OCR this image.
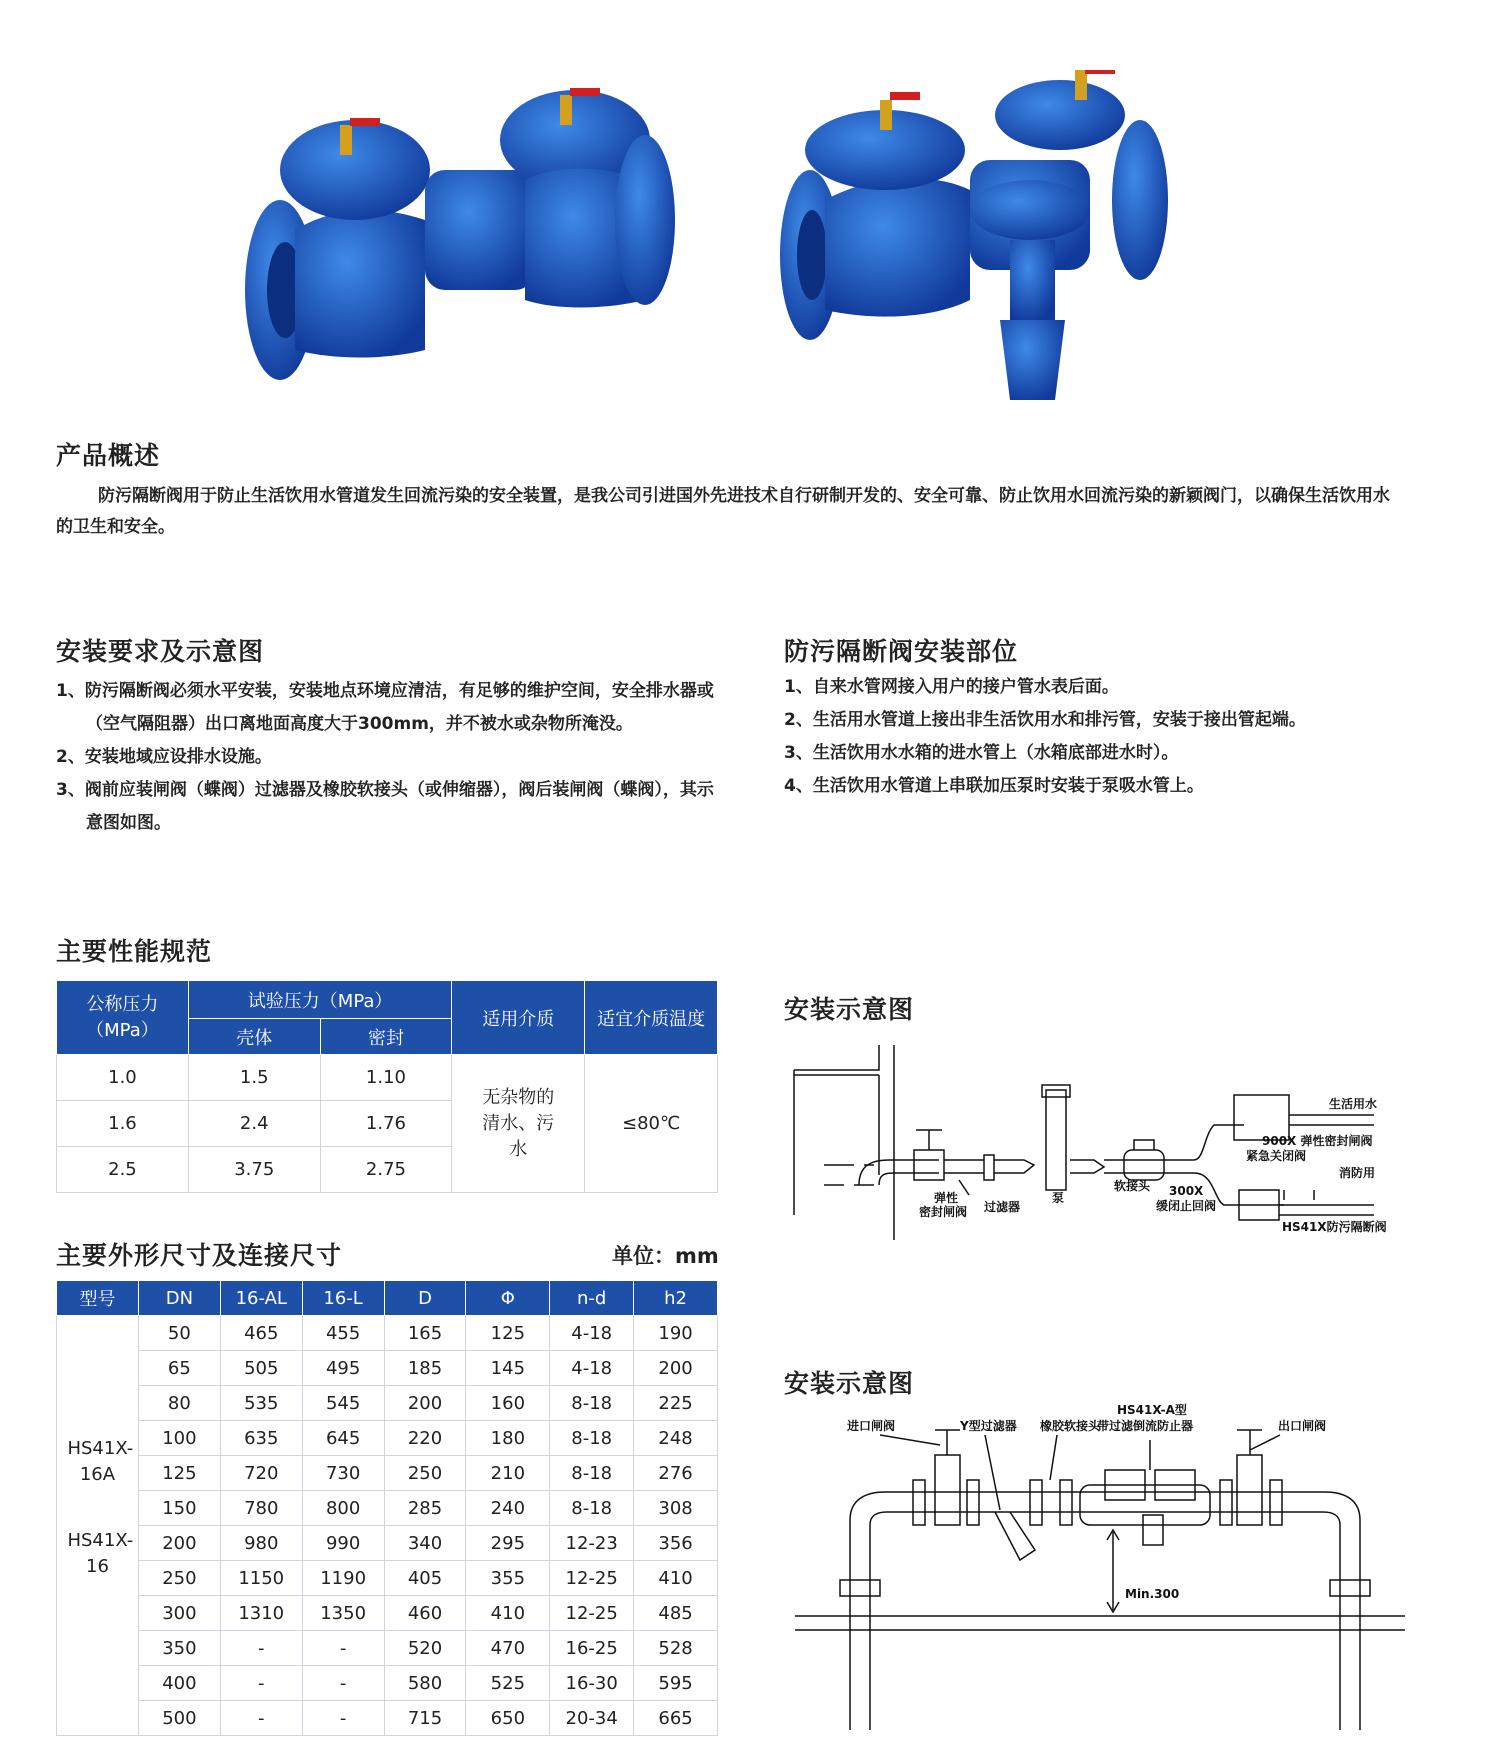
产品概述
防污隔断阀用于防止生活饮用水管道发生回流污染的安全装置，是我公司引进国外先进技术自行研制开发的、安全可靠、防止饮用水回流污染的新颖阀门，以确保生活饮用水的卫生和安全。
安装要求及示意图
1、防污隔断阀必须水平安装，安装地点环境应清洁，有足够的维护空间，安全排水器或（空气隔阻器）出口离地面高度大于300mm，并不被水或杂物所淹没。
2、安装地域应设排水设施。
3、阀前应装闸阀（蝶阀）过滤器及橡胶软接头（或伸缩器），阀后装闸阀（蝶阀），其示意图如图。
防污隔断阀安装部位
1、自来水管网接入用户的接户管水表后面。
2、生活用水管道上接出非生活饮用水和排污管，安装于接出管起端。
3、生活饮用水水箱的进水管上（水箱底部进水时）。
4、生活饮用水管道上串联加压泵时安装于泵吸水管上。
主要性能规范
公称压力（MPa）	试验压力（MPa）		适用介质	适宜介质温度
	壳体	密封		
1.0	1.5	1.10	无杂物的清水、污水	≤80℃
1.6	2.4	1.76		
2.5	3.75	2.75		
主要外形尺寸及连接尺寸	单位：mm
型号	DN	16-AL	16-L	D	Φ	n-d	h2

HS41X-16A
HS41X-16	50	465	455	165	125	4-18	190
	65	505	495	185	145	4-18	200
	80	535	545	200	160	8-18	225
	100	635	645	220	180	8-18	248
	125	720	730	250	210	8-18	276
	150	780	800	285	240	8-18	308
	200	980	990	340	295	12-23	356
	250	1150	1190	405	355	12-25	410
	300	1310	1350	460	410	12-25	485
	350	-	-	520	470	16-25	528
	400	-	-	580	525	16-30	595
	500	-	-	715	650	20-34	665
安装示意图
生活用水
900X 弹性密封闸阀
紧急关闭阀
消防用
弹性
密封闸阀 过滤器
泵
软接头 300X
缓闭止回阀
HS41X防污隔断阀
安装示意图
进口闸阀	Y型过滤器 橡胶软接头
HS41X-A型
带过滤倒流防止器	出口闸阀
Min.300
